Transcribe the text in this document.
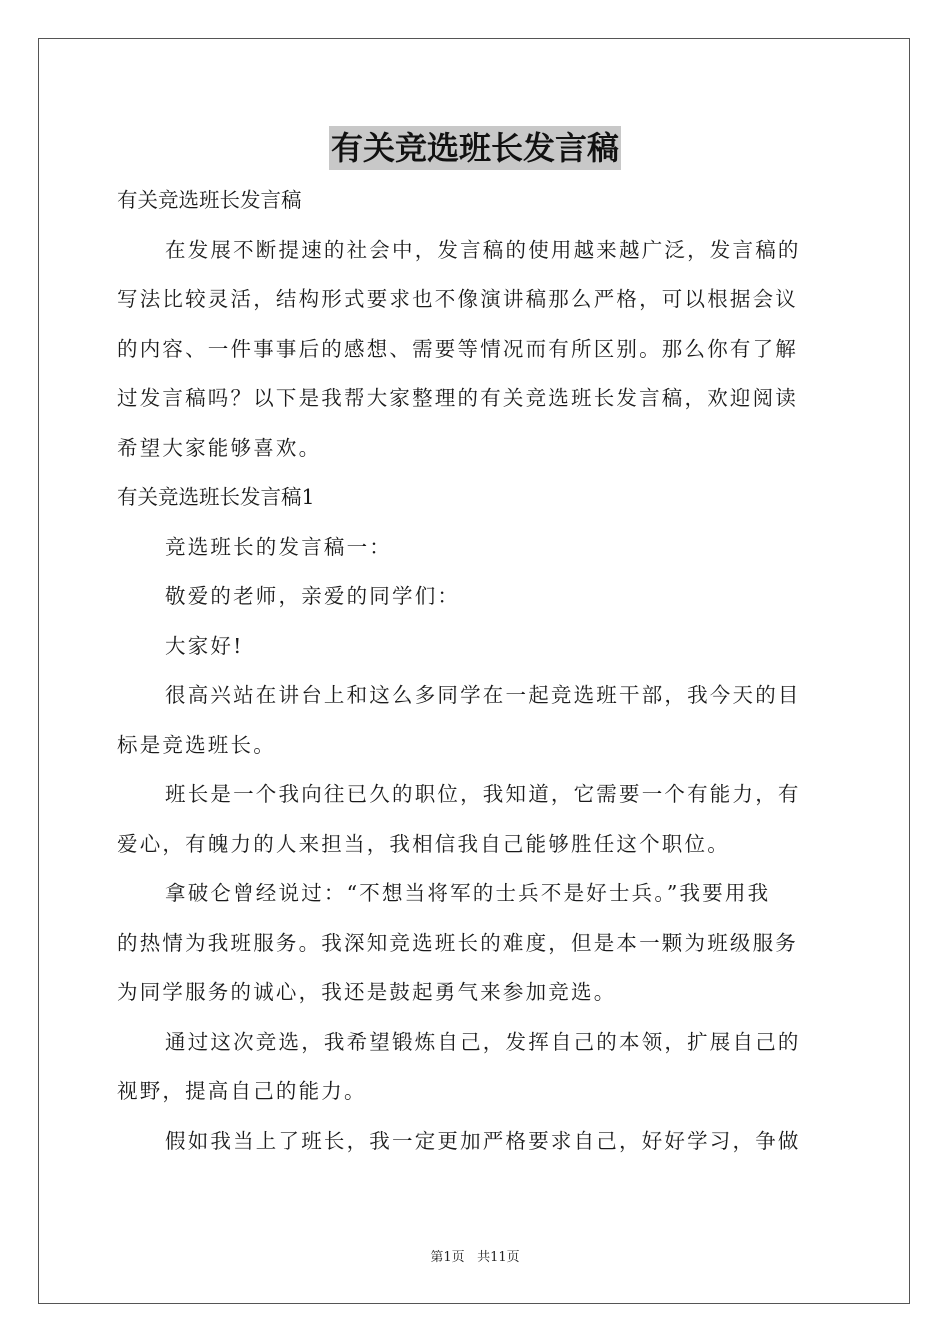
有关竞选班长发言稿
有关竞选班长发言稿
在发展不断提速的社会中，发言稿的使用越来越广泛，发言稿的
写法比较灵活，结构形式要求也不像演讲稿那么严格，可以根据会议
的内容、一件事事后的感想、需要等情况而有所区别。那么你有了解
过发言稿吗？以下是我帮大家整理的有关竞选班长发言稿，欢迎阅读
希望大家能够喜欢。
有关竞选班长发言稿1
竞选班长的发言稿一：
敬爱的老师，亲爱的同学们：
大家好!
很高兴站在讲台上和这么多同学在一起竞选班干部，我今天的目
标是竞选班长。
班长是一个我向往已久的职位，我知道，它需要一个有能力，有
爱心，有魄力的人来担当，我相信我自己能够胜任这个职位。
拿破仑曾经说过：“不想当将军的士兵不是好士兵。”我要用我
的热情为我班服务。我深知竞选班长的难度，但是本一颗为班级服务
为同学服务的诚心，我还是鼓起勇气来参加竞选。
通过这次竞选，我希望锻炼自己，发挥自己的本领，扩展自己的
视野，提高自己的能力。
假如我当上了班长，我一定更加严格要求自己，好好学习，争做
第1页 共11页
